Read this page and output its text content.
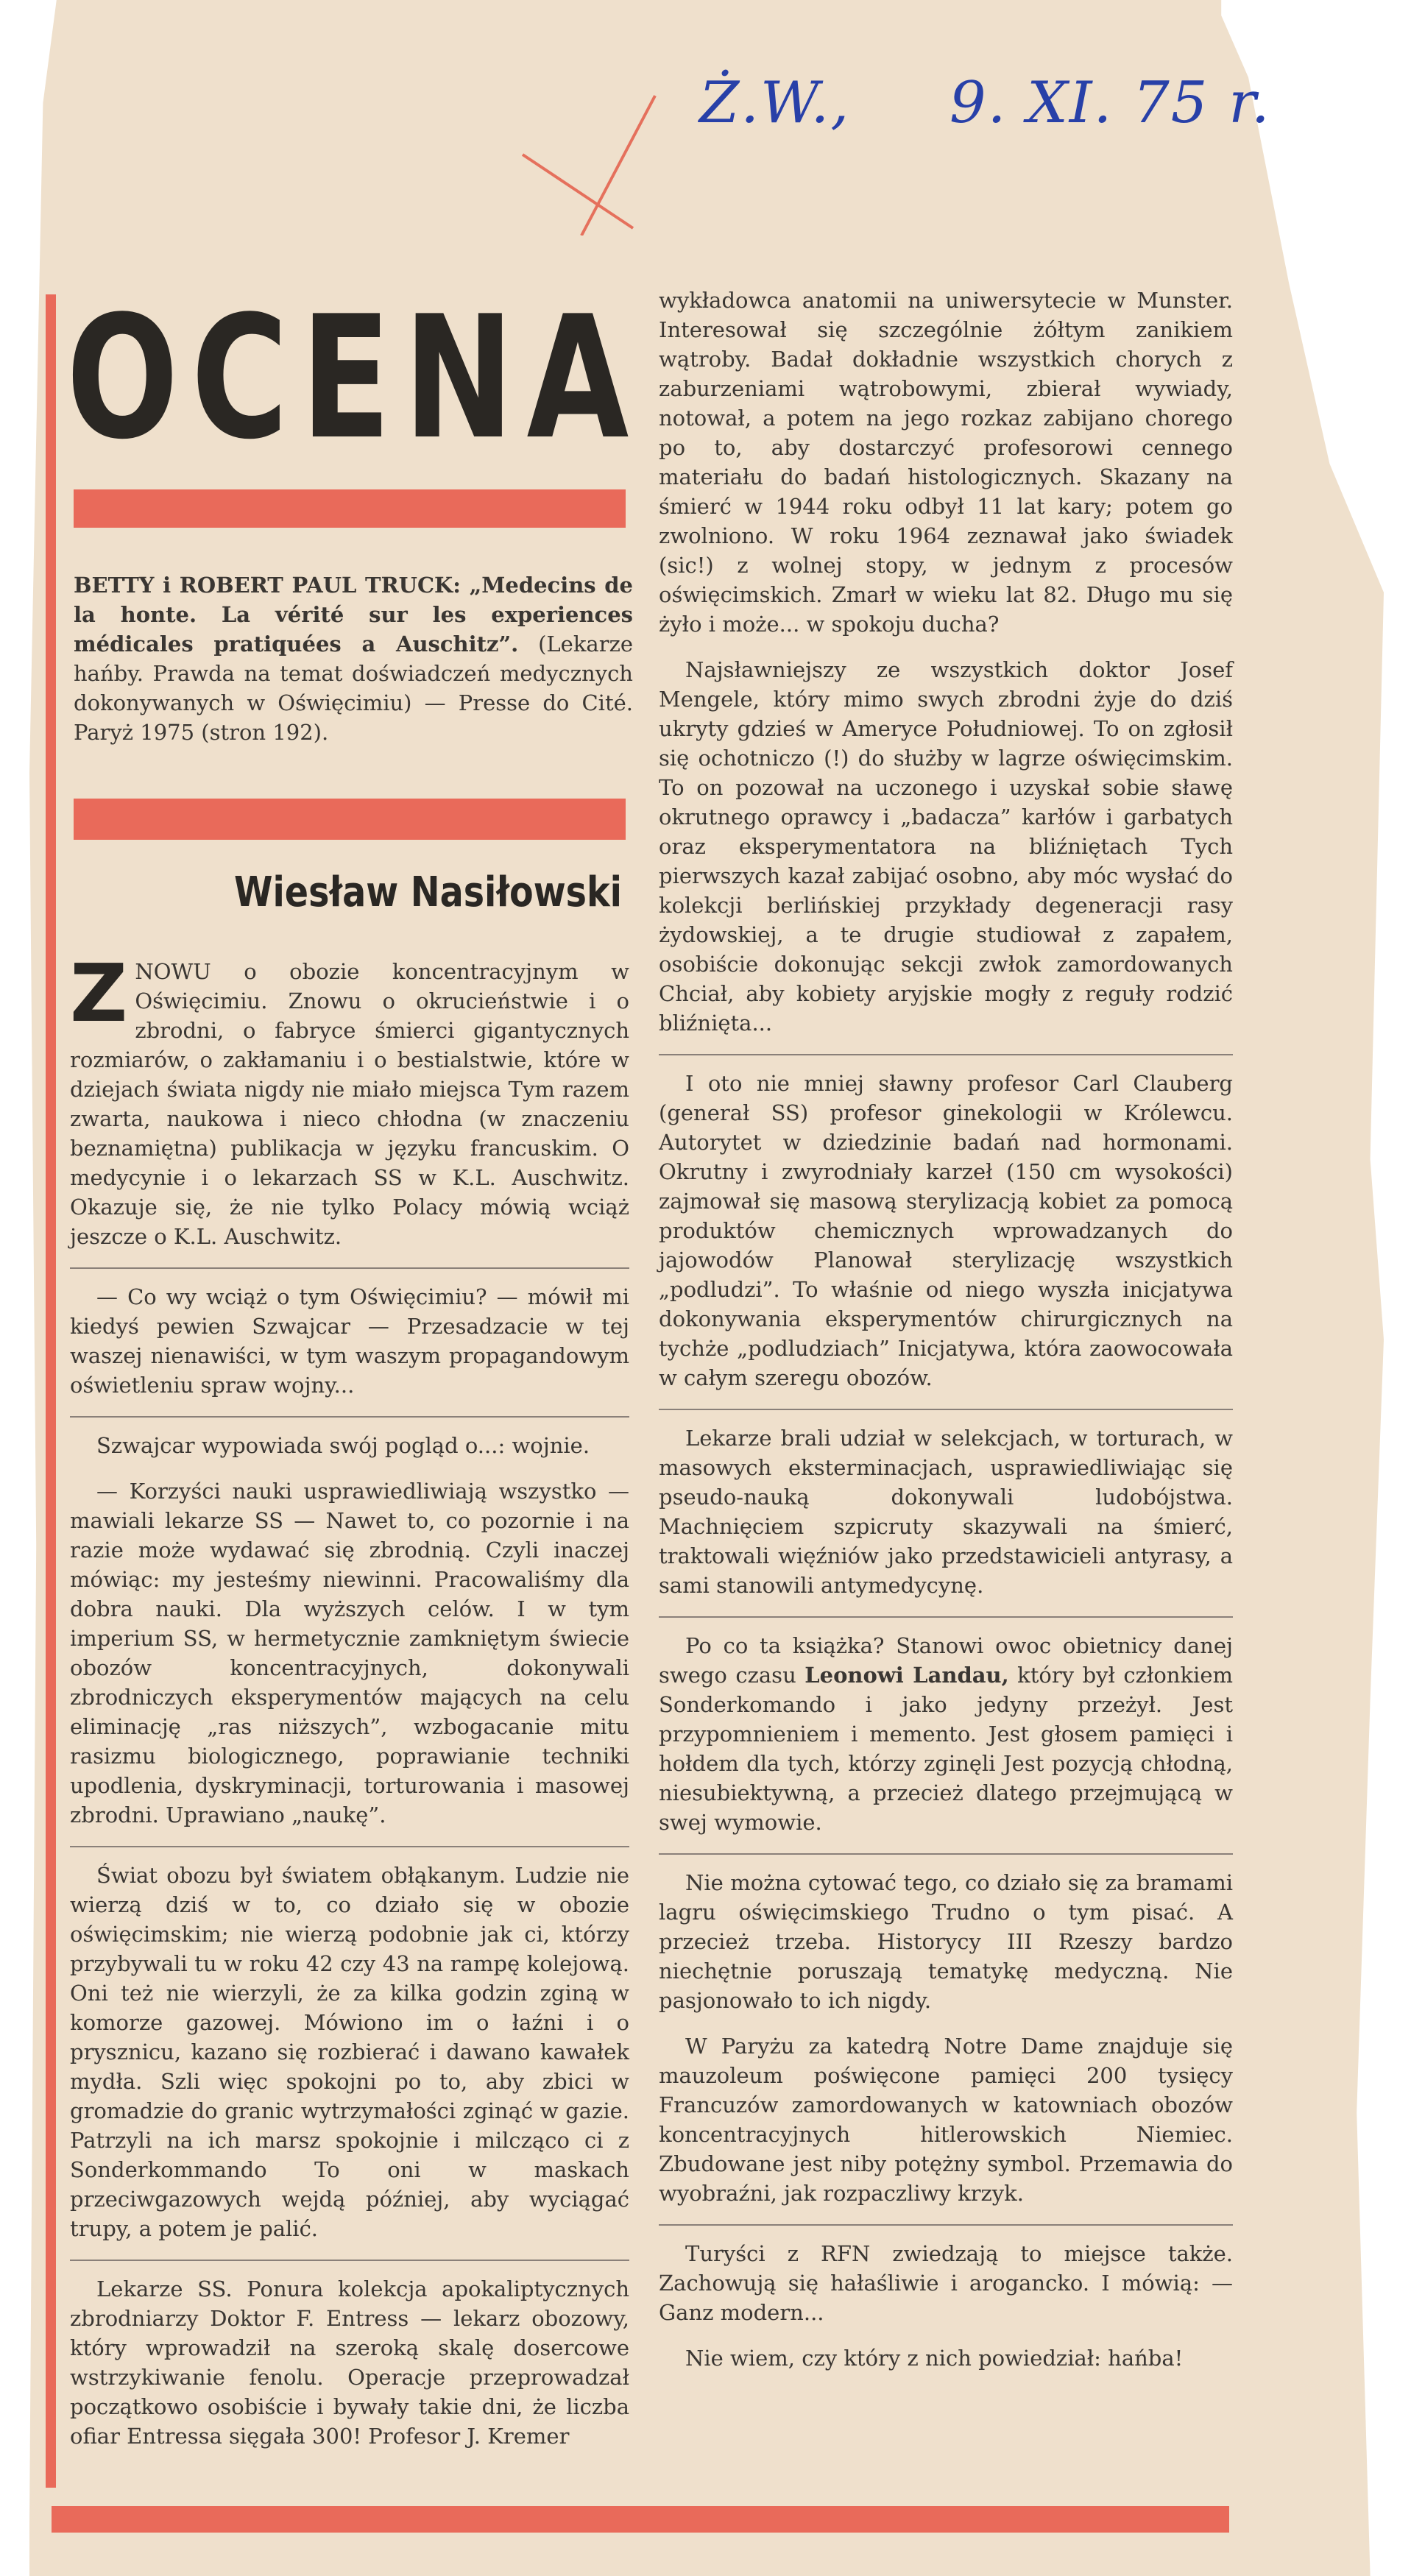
Ż.W., 9. XI. 75 r.
OCENA
BETTY i ROBERT PAUL TRUCK: „Medecins de la honte. La vérité sur les experiences médicales pratiquées a Auschitz”. (Lekarze hańby. Prawda na temat doświadczeń medycznych dokonywanych w Oświęcimiu) — Presse do Cité. Paryż 1975 (stron 192).
Wiesław Nasiłowski

ZNOWU o obozie koncentracyjnym w Oświęcimiu. Znowu o okrucieństwie i o zbrodni, o fabryce śmierci gigantycznych rozmiarów, o zakłamaniu i o bestialstwie, które w dziejach świata nigdy nie miało miejsca Tym razem zwarta, naukowa i nieco chłodna (w znaczeniu beznamiętna) publikacja w języku francuskim. O medycynie i o lekarzach SS w K.L. Auschwitz. Okazuje się, że nie tylko Polacy mówią wciąż jeszcze o K.L. Auschwitz.

— Co wy wciąż o tym Oświęcimiu? — mówił mi kiedyś pewien Szwajcar — Przesadzacie w tej waszej nienawiści, w tym waszym propagandowym oświetleniu spraw wojny...

Szwajcar wypowiada swój pogląd o...: wojnie.

— Korzyści nauki usprawiedliwiają wszystko — mawiali lekarze SS — Nawet to, co pozornie i na razie może wydawać się zbrodnią. Czyli inaczej mówiąc: my jesteśmy niewinni. Pracowaliśmy dla dobra nauki. Dla wyższych celów. I w tym imperium SS, w hermetycznie zamkniętym świecie obozów koncentracyjnych, dokonywali zbrodniczych eksperymentów mających na celu eliminację „ras niższych”, wzbogacanie mitu rasizmu biologicznego, poprawianie techniki upodlenia, dyskryminacji, torturowania i masowej zbrodni. Uprawiano „naukę”.

Świat obozu był światem obłąkanym. Ludzie nie wierzą dziś w to, co działo się w obozie oświęcimskim; nie wierzą podobnie jak ci, którzy przybywali tu w roku 42 czy 43 na rampę kolejową. Oni też nie wierzyli, że za kilka godzin zginą w komorze gazowej. Mówiono im o łaźni i o prysznicu, kazano się rozbierać i dawano kawałek mydła. Szli więc spokojni po to, aby zbici w gromadzie do granic wytrzymałości zginąć w gazie. Patrzyli na ich marsz spokojnie i milcząco ci z Sonderkommando To oni w maskach przeciwgazowych wejdą później, aby wyciągać trupy, a potem je palić.

Lekarze SS. Ponura kolekcja apokaliptycznych zbrodniarzy Doktor F. Entress — lekarz obozowy, który wprowadził na szeroką skalę dosercowe wstrzykiwanie fenolu. Operacje przeprowadzał początkowo osobiście i bywały takie dni, że liczba ofiar Entressa sięgała 300! Profesor J. Kremer

wykładowca anatomii na uniwersytecie w Munster. Interesował się szczególnie żółtym zanikiem wątroby. Badał dokładnie wszystkich chorych z zaburzeniami wątrobowymi, zbierał wywiady, notował, a potem na jego rozkaz zabijano chorego po to, aby dostarczyć profesorowi cennego materiału do badań histologicznych. Skazany na śmierć w 1944 roku odbył 11 lat kary; potem go zwolniono. W roku 1964 zeznawał jako świadek (sic!) z wolnej stopy, w jednym z procesów oświęcimskich. Zmarł w wieku lat 82. Długo mu się żyło i może... w spokoju ducha?

Najsławniejszy ze wszystkich doktor Josef Mengele, który mimo swych zbrodni żyje do dziś ukryty gdzieś w Ameryce Południowej. To on zgłosił się ochotniczo (!) do służby w lagrze oświęcimskim. To on pozował na uczonego i uzyskał sobie sławę okrutnego oprawcy i „badacza” karłów i garbatych oraz eksperymentatora na bliźniętach Tych pierwszych kazał zabijać osobno, aby móc wysłać do kolekcji berlińskiej przykłady degeneracji rasy żydowskiej, a te drugie studiował z zapałem, osobiście dokonując sekcji zwłok zamordowanych Chciał, aby kobiety aryjskie mogły z reguły rodzić bliźnięta...

I oto nie mniej sławny profesor Carl Clauberg (generał SS) profesor ginekologii w Królewcu. Autorytet w dziedzinie badań nad hormonami. Okrutny i zwyrodniały karzeł (150 cm wysokości) zajmował się masową sterylizacją kobiet za pomocą produktów chemicznych wprowadzanych do jajowodów Planował sterylizację wszystkich „podludzi”. To właśnie od niego wyszła inicjatywa dokonywania eksperymentów chirurgicznych na tychże „podludziach” Inicjatywa, która zaowocowała w całym szeregu obozów.

Lekarze brali udział w selekcjach, w torturach, w masowych eksterminacjach, usprawiedliwiając się pseudo-nauką dokonywali ludobójstwa. Machnięciem szpicruty skazywali na śmierć, traktowali więźniów jako przedstawicieli antyrasy, a sami stanowili antymedycynę.

Po co ta książka? Stanowi owoc obietnicy danej swego czasu Leonowi Landau, który był członkiem Sonderkomando i jako jedyny przeżył. Jest przypomnieniem i memento. Jest głosem pamięci i hołdem dla tych, którzy zginęli Jest pozycją chłodną, niesubiektywną, a przecież dlatego przejmującą w swej wymowie.

Nie można cytować tego, co działo się za bramami lagru oświęcimskiego Trudno o tym pisać. A przecież trzeba. Historycy III Rzeszy bardzo niechętnie poruszają tematykę medyczną. Nie pasjonowało to ich nigdy.

W Paryżu za katedrą Notre Dame znajduje się mauzoleum poświęcone pamięci 200 tysięcy Francuzów zamordowanych w katowniach obozów koncentracyjnych hitlerowskich Niemiec. Zbudowane jest niby potężny symbol. Przemawia do wyobraźni, jak rozpaczliwy krzyk.

Turyści z RFN zwiedzają to miejsce także. Zachowują się hałaśliwie i arogancko. I mówią: — Ganz modern...

Nie wiem, czy który z nich powiedział: hańba!
